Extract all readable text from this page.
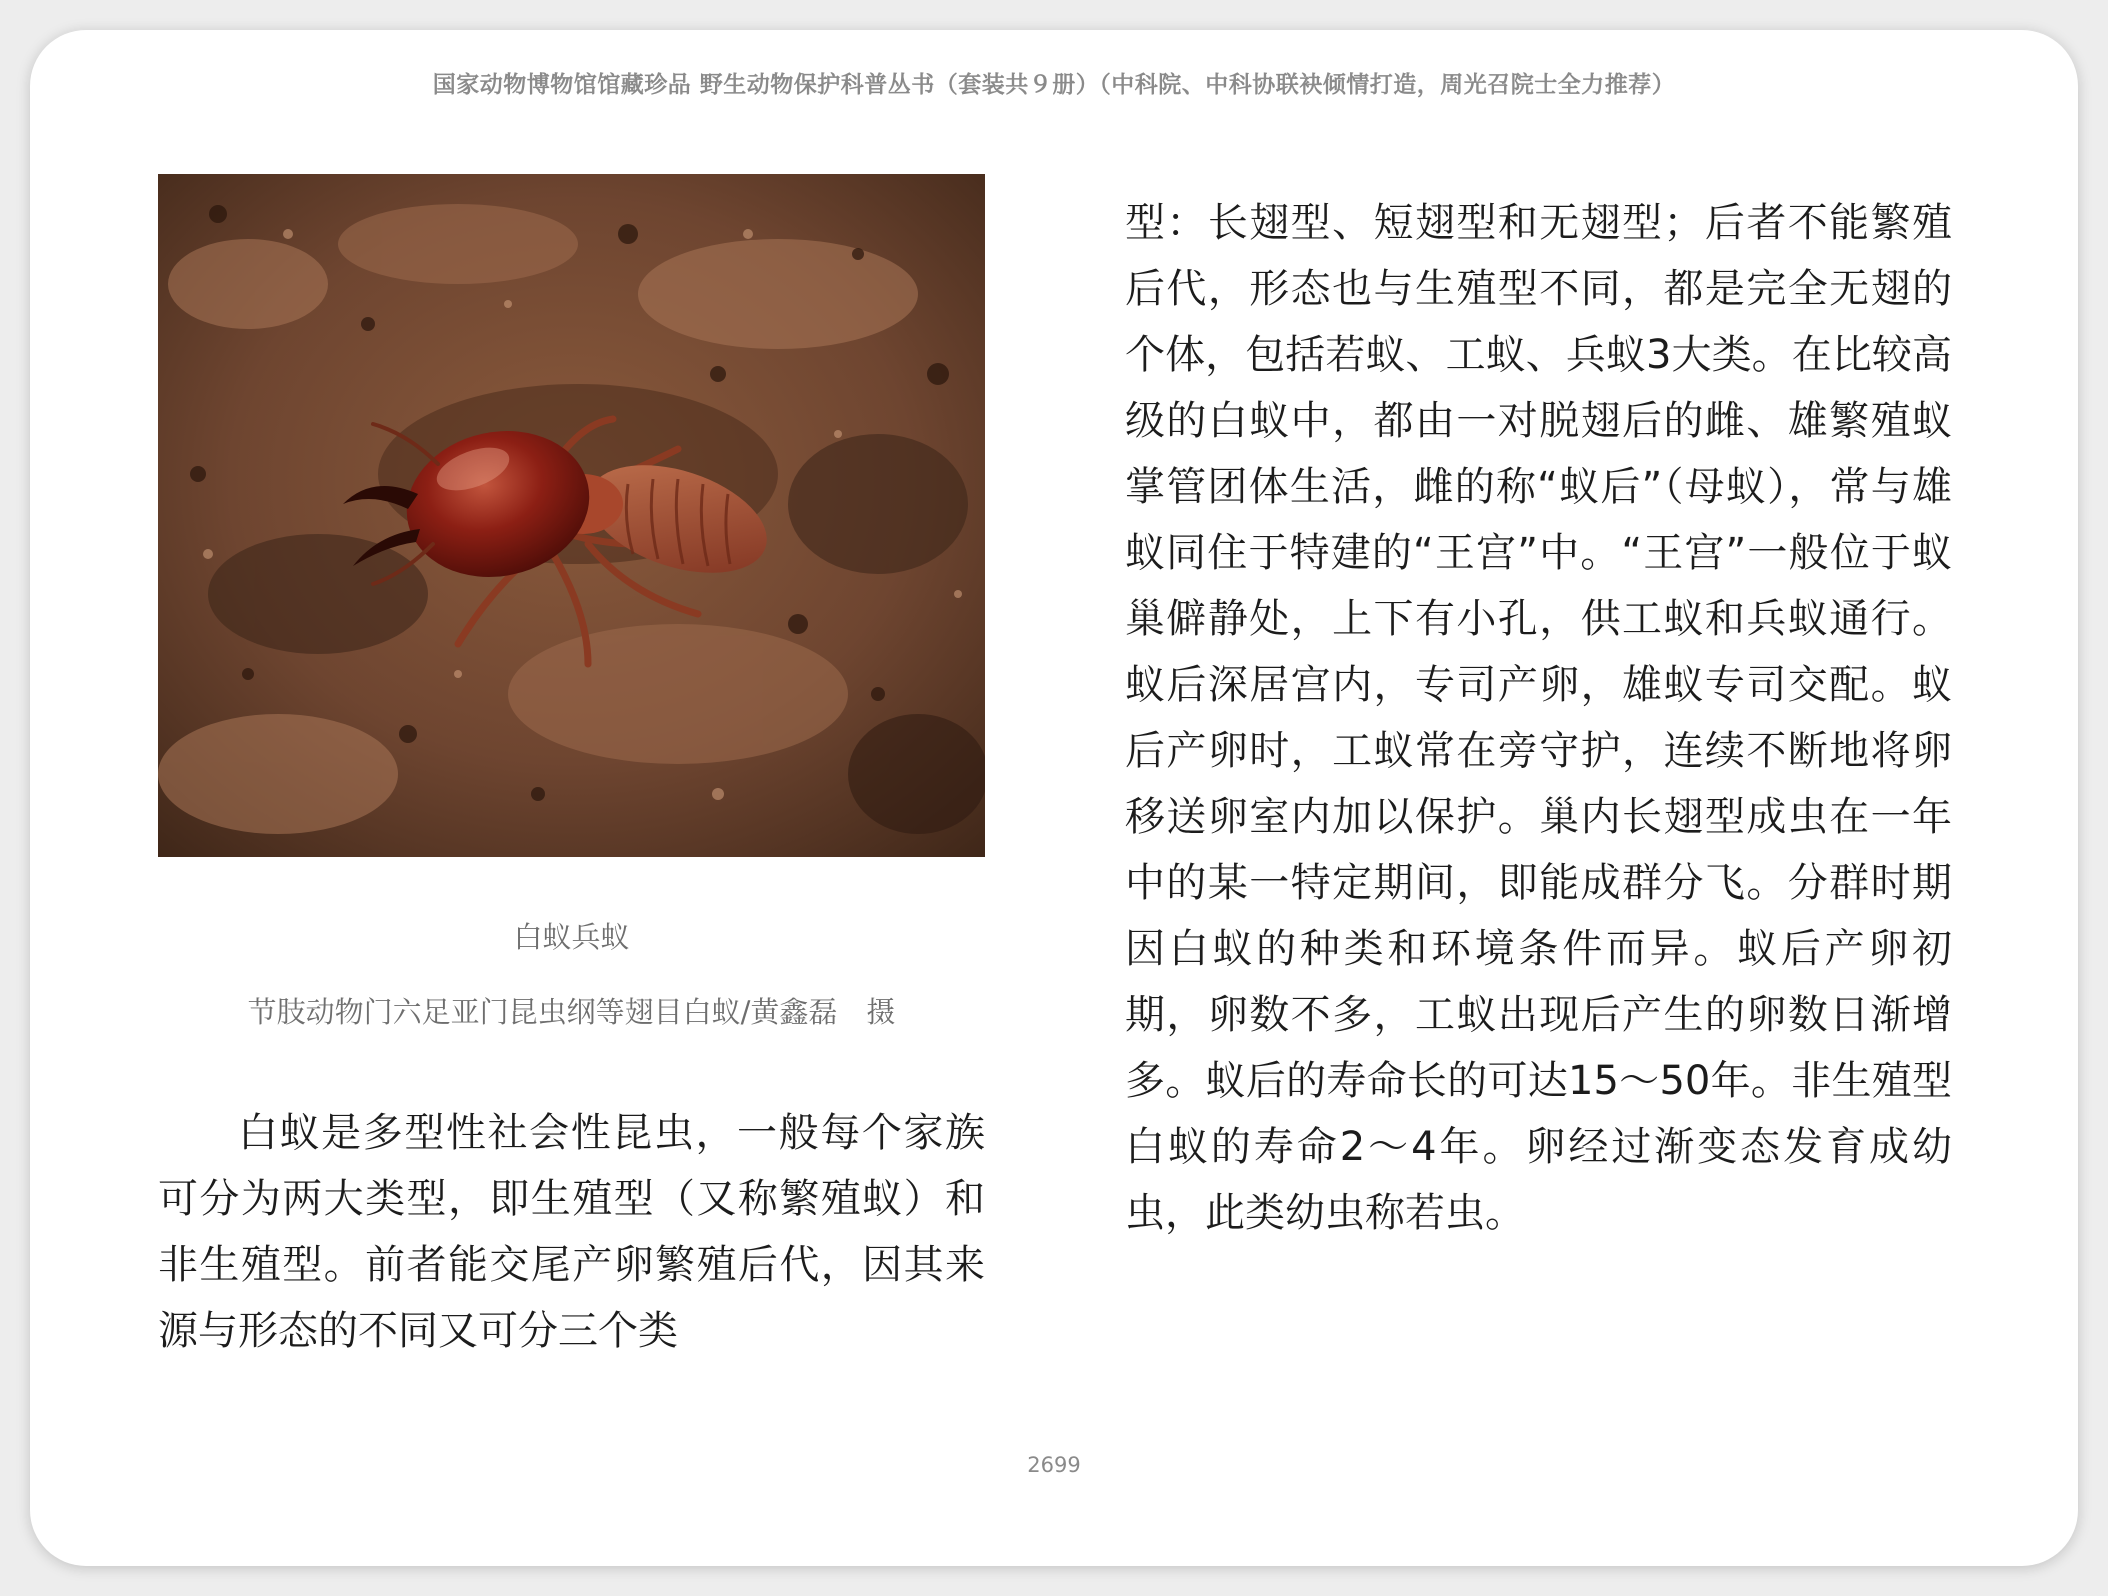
国家动物博物馆馆藏珍品 野生动物保护科普丛书（套装共９册）（中科院、中科协联袂倾情打造，周光召院士全力推荐）
白蚁兵蚁
节肢动物门六足亚门昆虫纲等翅目白蚁/黄鑫磊　摄

白蚁是多型性社会性昆虫，一般每个家族可分为两大类型，即生殖型（又称繁殖蚁）和非生殖型。前者能交尾产卵繁殖后代，因其来源与形态的不同又可分三个类

型：长翅型、短翅型和无翅型；后者不能繁殖后代，形态也与生殖型不同，都是完全无翅的个体，包括若蚁、工蚁、兵蚁3大类。在比较高级的白蚁中，都由一对脱翅后的雌、雄繁殖蚁掌管团体生活，雌的称“蚁后”（母蚁），常与雄蚁同住于特建的“王宫”中。“王宫”一般位于蚁巢僻静处，上下有小孔，供工蚁和兵蚁通行。蚁后深居宫内，专司产卵，雄蚁专司交配。蚁后产卵时，工蚁常在旁守护，连续不断地将卵移送卵室内加以保护。巢内长翅型成虫在一年中的某一特定期间，即能成群分飞。分群时期因白蚁的种类和环境条件而异。蚁后产卵初期，卵数不多，工蚁出现后产生的卵数日渐增多。蚁后的寿命长的可达15～50年。非生殖型白蚁的寿命2～4年。卵经过渐变态发育成幼虫，此类幼虫称若虫。

2699
